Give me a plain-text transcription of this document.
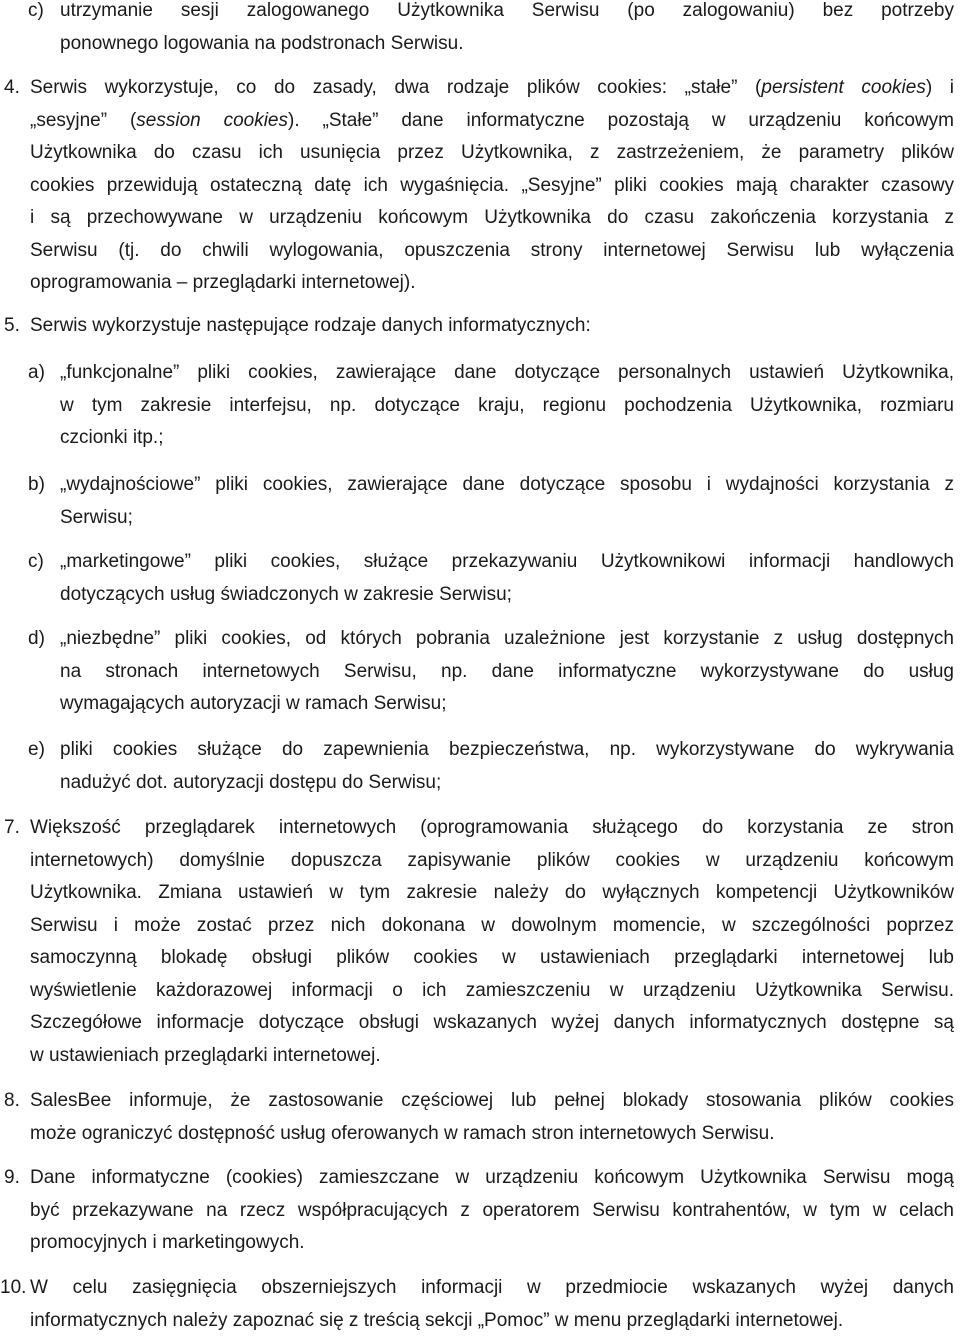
c) utrzymanie sesji zalogowanego Użytkownika Serwisu (po zalogowaniu) bez potrzeby
ponownego logowania na podstronach Serwisu.
4. Serwis wykorzystuje, co do zasady, dwa rodzaje plików cookies: „stałe” (persistent cookies) i
„sesyjne” (session cookies). „Stałe” dane informatyczne pozostają w urządzeniu końcowym
Użytkownika do czasu ich usunięcia przez Użytkownika, z zastrzeżeniem, że parametry plików
cookies przewidują ostateczną datę ich wygaśnięcia. „Sesyjne” pliki cookies mają charakter czasowy
i są przechowywane w urządzeniu końcowym Użytkownika do czasu zakończenia korzystania z
Serwisu (tj. do chwili wylogowania, opuszczenia strony internetowej Serwisu lub wyłączenia
oprogramowania – przeglądarki internetowej).
5. Serwis wykorzystuje następujące rodzaje danych informatycznych:
a) „funkcjonalne” pliki cookies, zawierające dane dotyczące personalnych ustawień Użytkownika,
w tym zakresie interfejsu, np. dotyczące kraju, regionu pochodzenia Użytkownika, rozmiaru
czcionki itp.;
b) „wydajnościowe” pliki cookies, zawierające dane dotyczące sposobu i wydajności korzystania z
Serwisu;
c) „marketingowe” pliki cookies, służące przekazywaniu Użytkownikowi informacji handlowych
dotyczących usług świadczonych w zakresie Serwisu;
d) „niezbędne” pliki cookies, od których pobrania uzależnione jest korzystanie z usług dostępnych
na stronach internetowych Serwisu, np. dane informatyczne wykorzystywane do usług
wymagających autoryzacji w ramach Serwisu;
e) pliki cookies służące do zapewnienia bezpieczeństwa, np. wykorzystywane do wykrywania
nadużyć dot. autoryzacji dostępu do Serwisu;
7. Większość przeglądarek internetowych (oprogramowania służącego do korzystania ze stron
internetowych) domyślnie dopuszcza zapisywanie plików cookies w urządzeniu końcowym
Użytkownika. Zmiana ustawień w tym zakresie należy do wyłącznych kompetencji Użytkowników
Serwisu i może zostać przez nich dokonana w dowolnym momencie, w szczególności poprzez
samoczynną blokadę obsługi plików cookies w ustawieniach przeglądarki internetowej lub
wyświetlenie każdorazowej informacji o ich zamieszczeniu w urządzeniu Użytkownika Serwisu.
Szczegółowe informacje dotyczące obsługi wskazanych wyżej danych informatycznych dostępne są
w ustawieniach przeglądarki internetowej.
8. SalesBee informuje, że zastosowanie częściowej lub pełnej blokady stosowania plików cookies
może ograniczyć dostępność usług oferowanych w ramach stron internetowych Serwisu.
9. Dane informatyczne (cookies) zamieszczane w urządzeniu końcowym Użytkownika Serwisu mogą
być przekazywane na rzecz współpracujących z operatorem Serwisu kontrahentów, w tym w celach
promocyjnych i marketingowych.
10. W celu zasięgnięcia obszerniejszych informacji w przedmiocie wskazanych wyżej danych
informatycznych należy zapoznać się z treścią sekcji „Pomoc” w menu przeglądarki internetowej.
